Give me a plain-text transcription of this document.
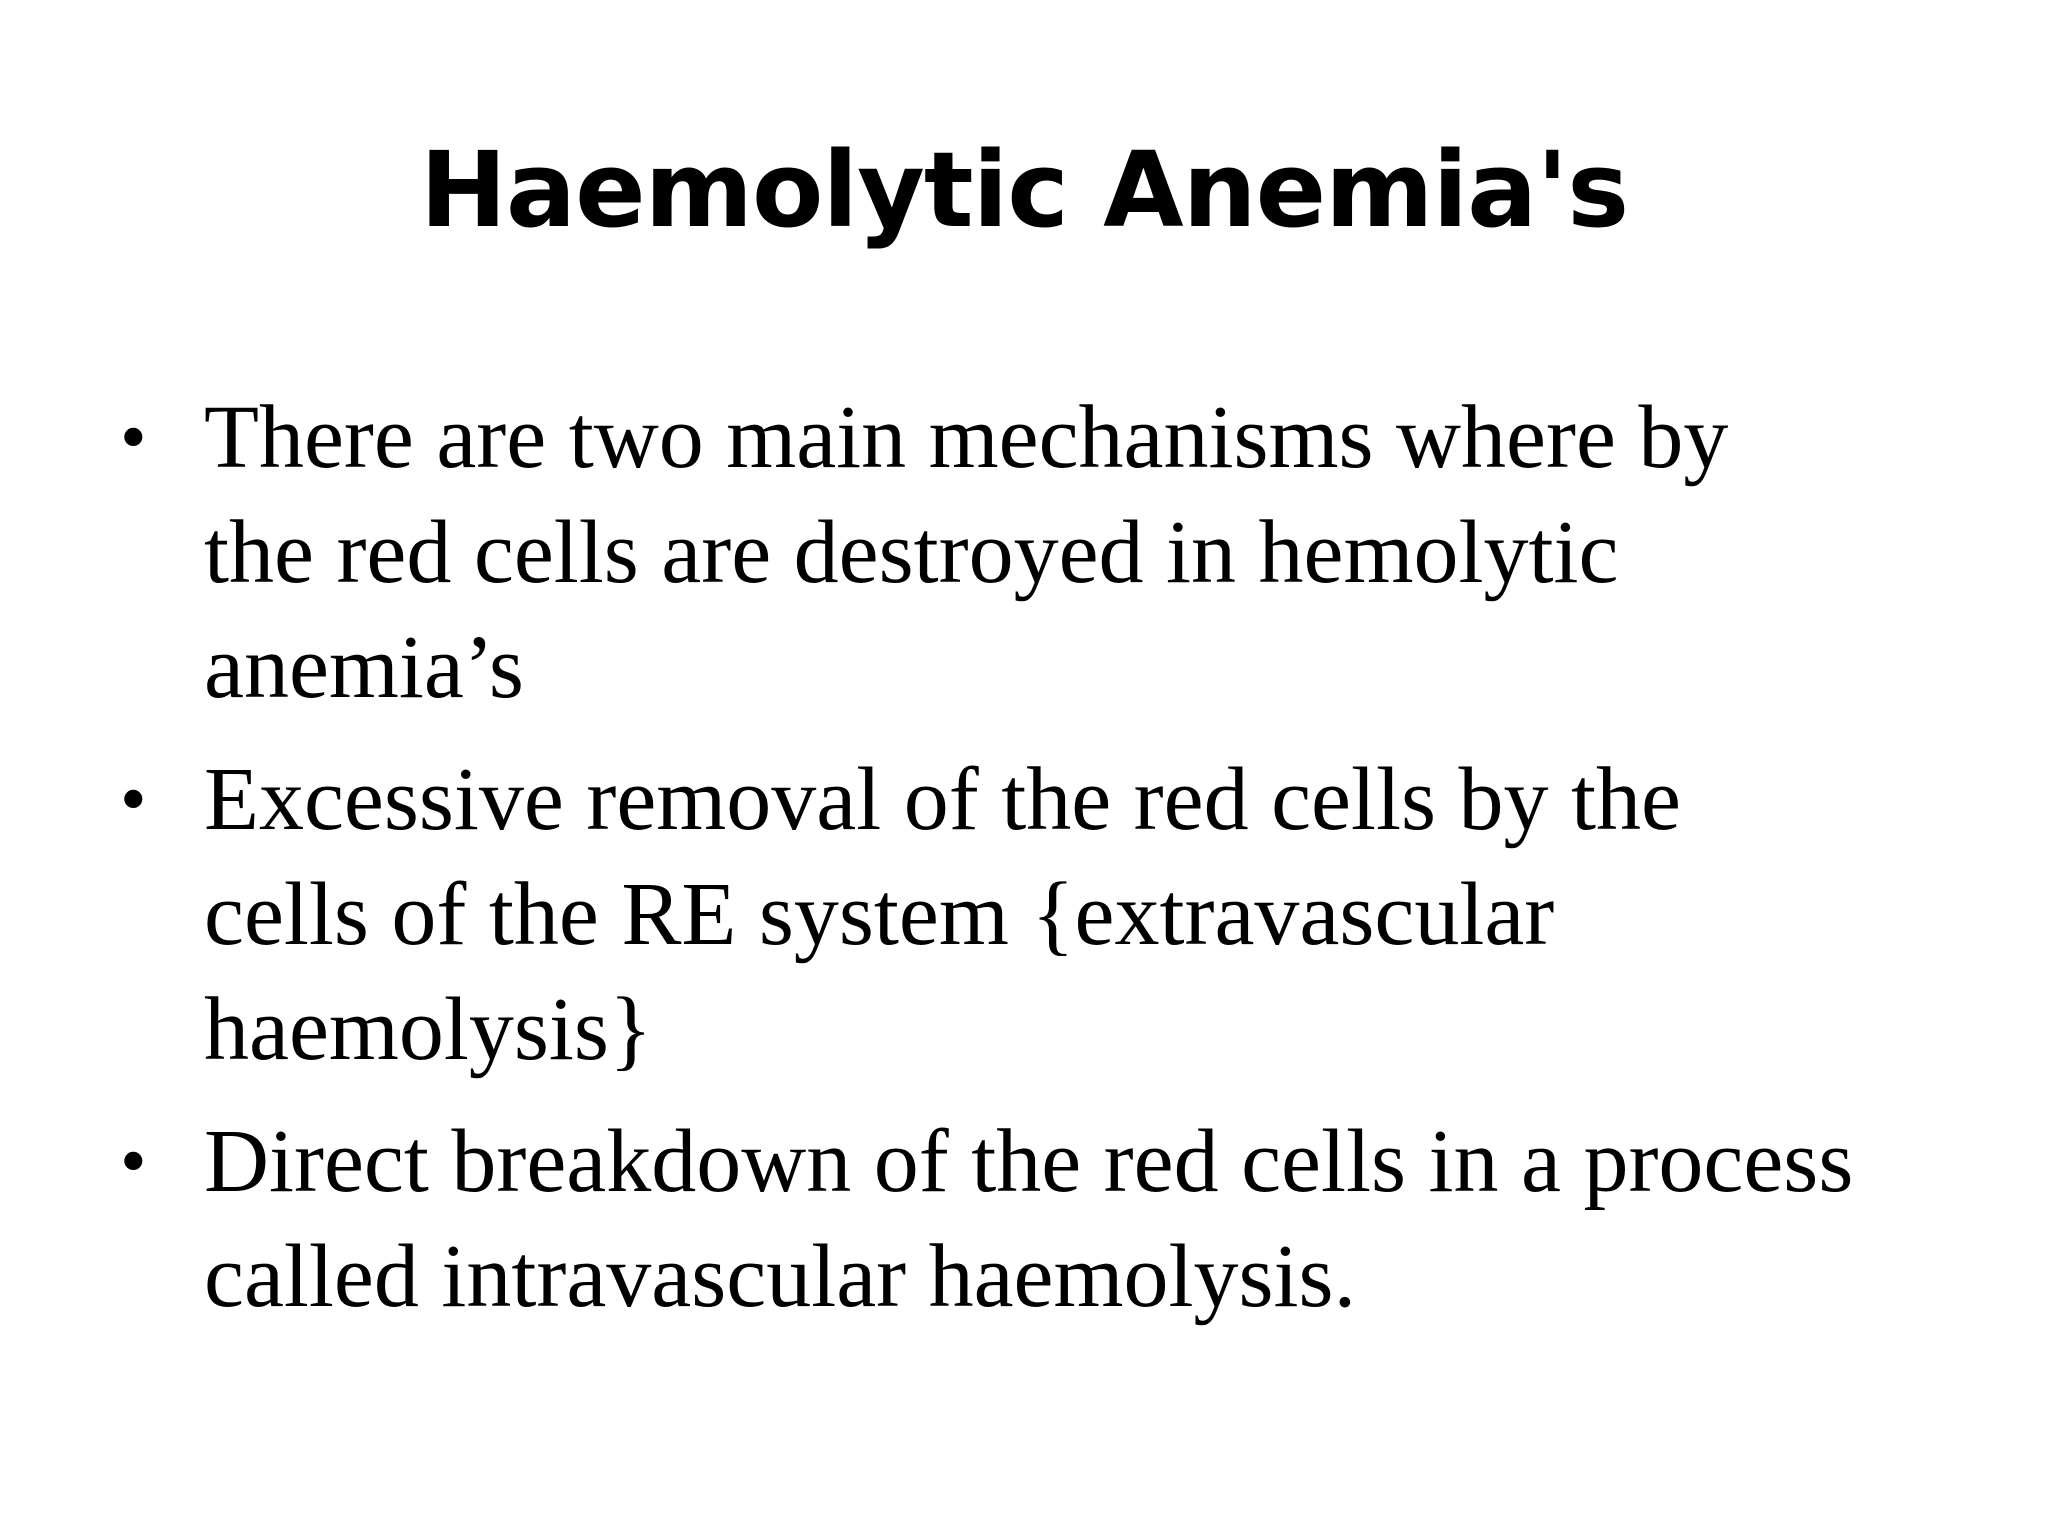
Haemolytic Anemia's
• There are two main mechanisms where by
the red cells are destroyed in hemolytic
anemia’s
• Excessive removal of the red cells by the
cells of the RE system {extravascular
haemolysis}
• Direct breakdown of the red cells in a process
called intravascular haemolysis.
